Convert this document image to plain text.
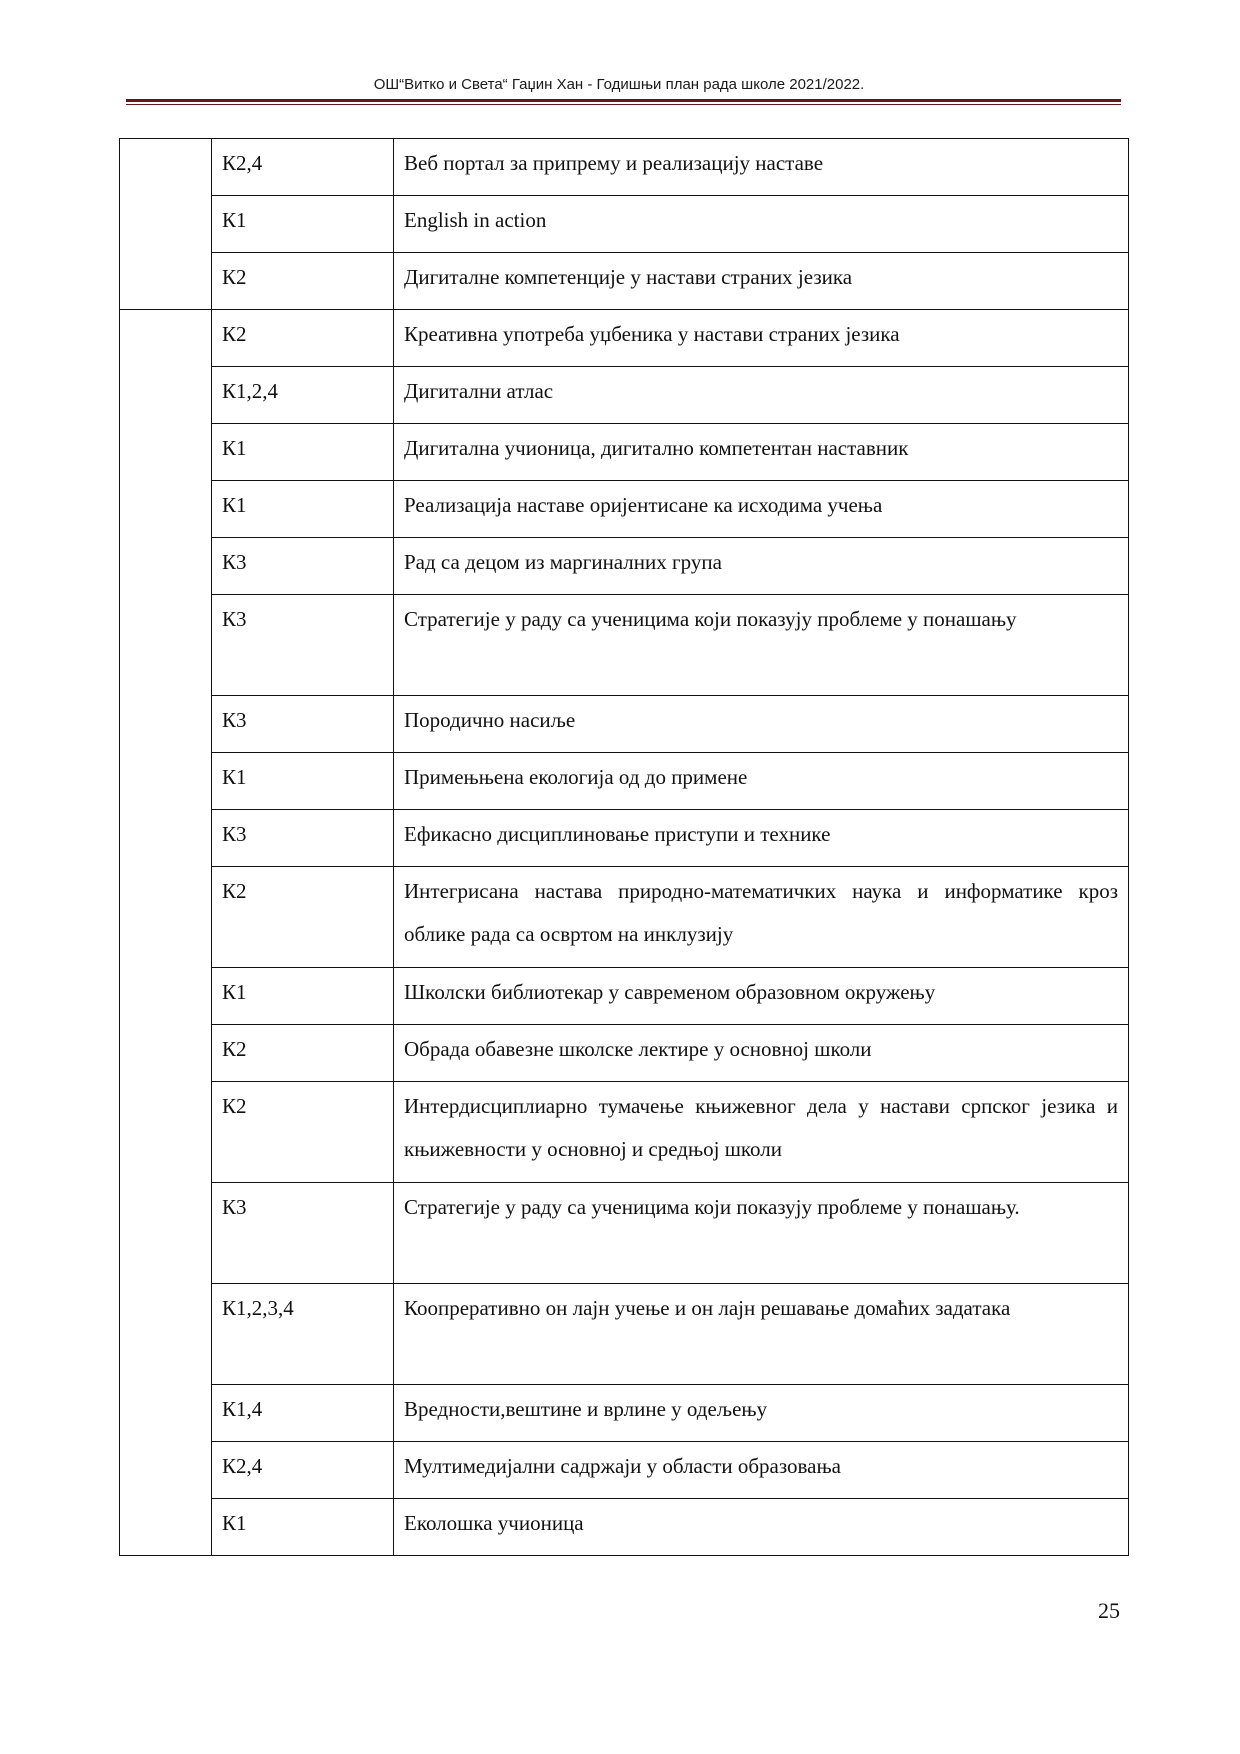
ОШ“Витко и Света“ Гаџин Хан - Годишњи план рада школе 2021/2022.
	К2,4	Веб портал за припрему и реализацију наставе
	К1	English in action
	К2	Дигиталне компетенције у настави страних језика
	К2	Креативна употреба уџбеника у настави страних језика
	К1,2,4	Дигитални атлас
	К1	Дигитална учионица, дигитално компетентан наставник
	К1	Реализација наставе оријентисане ка исходима учења
	К3	Рад са децом из маргиналних група
	К3	Стратегије у раду са ученицима који показују проблеме у понашању
	К3	Породично насиље
	К1	Примењњена екологија од до примене
	К3	Ефикасно дисциплиновање приступи и технике
	К2	Интегрисана настава природно-математичких наука и информатике кроз облике рада са освртом на инклузију
	К1	Школски библиотекар у савременом образовном окружењу
	К2	Обрада обавезне школске лектире у основној школи
	К2	Интердисциплиарно тумачење књижевног дела у настави српског језика и књижевности у основној и средњој школи
	К3	Стратегије у раду са ученицима који показују проблеме у понашању.
	К1,2,3,4	Коопреративно он лајн учење и он лајн решавање домаћих задатака
	К1,4	Вредности,вештине и врлине у одељењу
	К2,4	Мултимедијални садржаји у области образовања
	К1	Еколошка учионица
25
